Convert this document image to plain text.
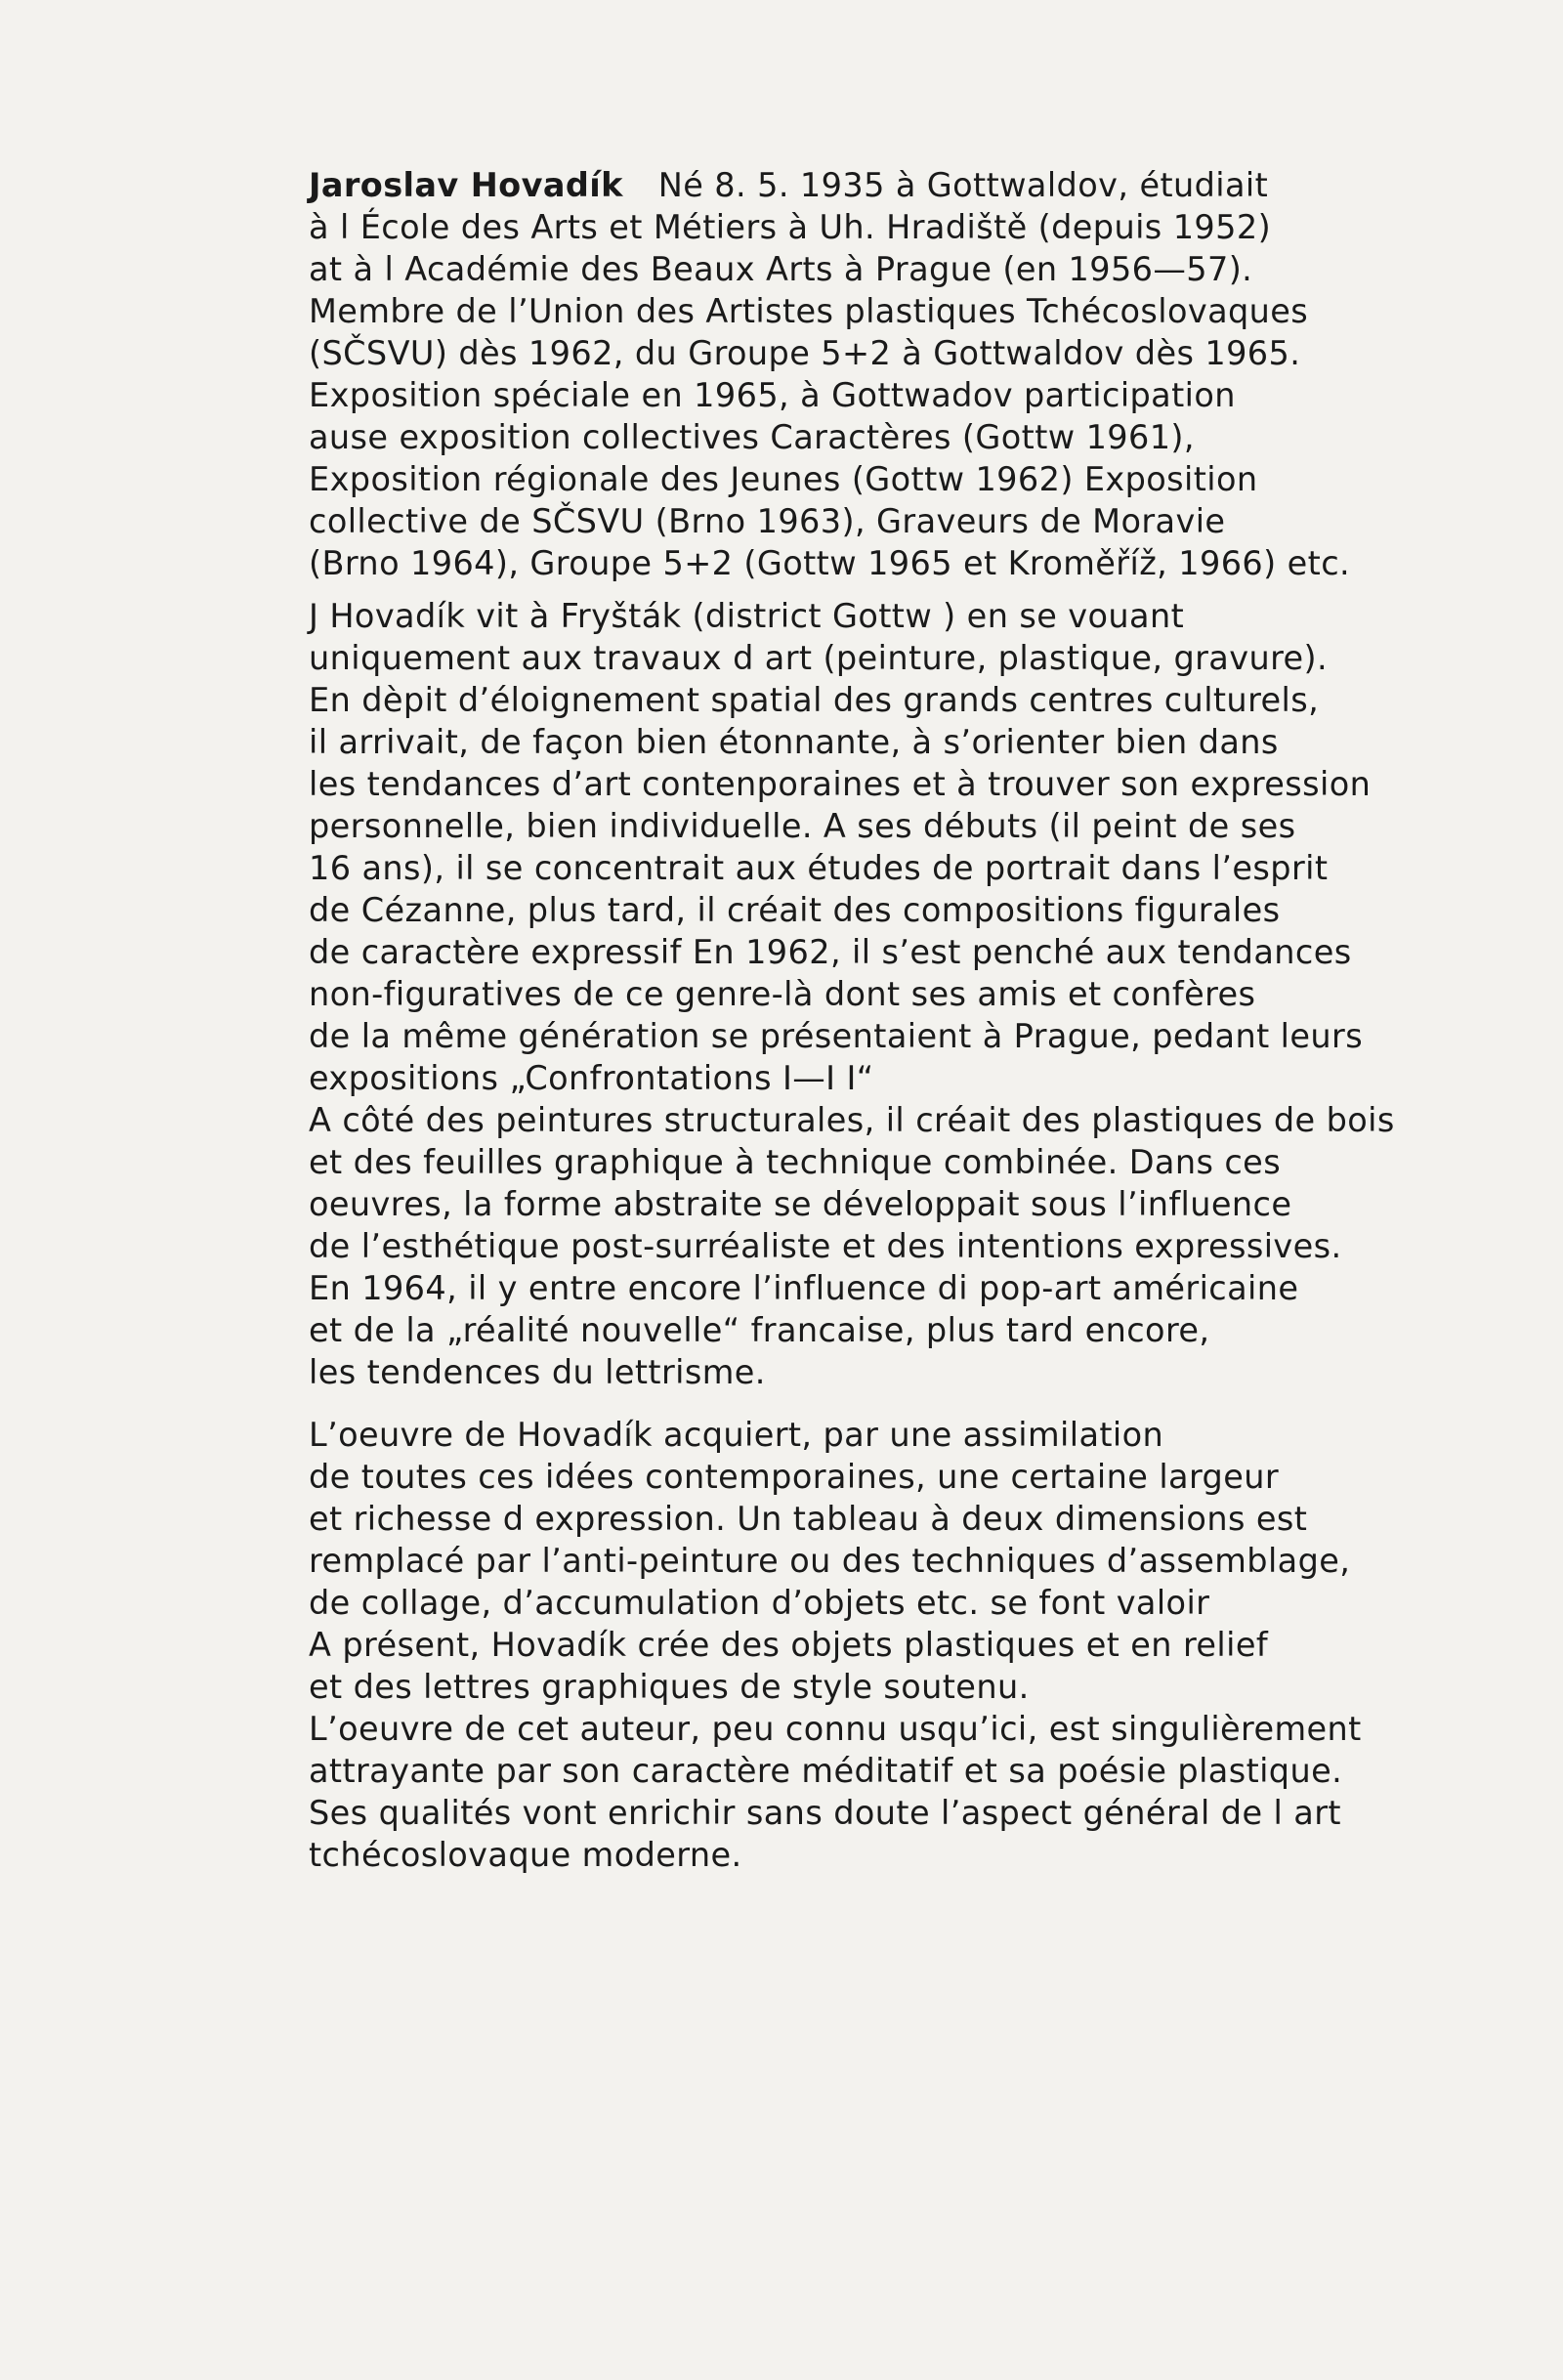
Jaroslav Hovadík Né 8. 5. 1935 à Gottwaldov, étudiait
à l École des Arts et Métiers à Uh. Hradiště (depuis 1952)
at à l Académie des Beaux Arts à Prague (en 1956—57).
Membre de l’Union des Artistes plastiques Tchécoslovaques
(SČSVU) dès 1962, du Groupe 5+2 à Gottwaldov dès 1965.
Exposition spéciale en 1965, à Gottwadov participation
ause exposition collectives Caractères (Gottw 1961),
Exposition régionale des Jeunes (Gottw 1962) Exposition
collective de SČSVU (Brno 1963), Graveurs de Moravie
(Brno 1964), Groupe 5+2 (Gottw 1965 et Kroměříž, 1966) etc.
J Hovadík vit à Fryšták (district Gottw ) en se vouant
uniquement aux travaux d art (peinture, plastique, gravure).
En dèpit d’éloignement spatial des grands centres culturels,
il arrivait, de façon bien étonnante, à s’orienter bien dans
les tendances d’art contenporaines et à trouver son expression
personnelle, bien individuelle. A ses débuts (il peint de ses
16 ans), il se concentrait aux études de portrait dans l’esprit
de Cézanne, plus tard, il créait des compositions figurales
de caractère expressif En 1962, il s’est penché aux tendances
non-figuratives de ce genre-là dont ses amis et confères
de la même génération se présentaient à Prague, pedant leurs
expositions „Confrontations I—I I“
A côté des peintures structurales, il créait des plastiques de bois
et des feuilles graphique à technique combinée. Dans ces
oeuvres, la forme abstraite se développait sous l’influence
de l’esthétique post-surréaliste et des intentions expressives.
En 1964, il y entre encore l’influence di pop-art américaine
et de la „réalité nouvelle“ francaise, plus tard encore,
les tendences du lettrisme.
L’oeuvre de Hovadík acquiert, par une assimilation
de toutes ces idées contemporaines, une certaine largeur
et richesse d expression. Un tableau à deux dimensions est
remplacé par l’anti-peinture ou des techniques d’assemblage,
de collage, d’accumulation d’objets etc. se font valoir
A présent, Hovadík crée des objets plastiques et en relief
et des lettres graphiques de style soutenu.
L’oeuvre de cet auteur, peu connu usqu’ici, est singulièrement
attrayante par son caractère méditatif et sa poésie plastique.
Ses qualités vont enrichir sans doute l’aspect général de l art
tchécoslovaque moderne.
